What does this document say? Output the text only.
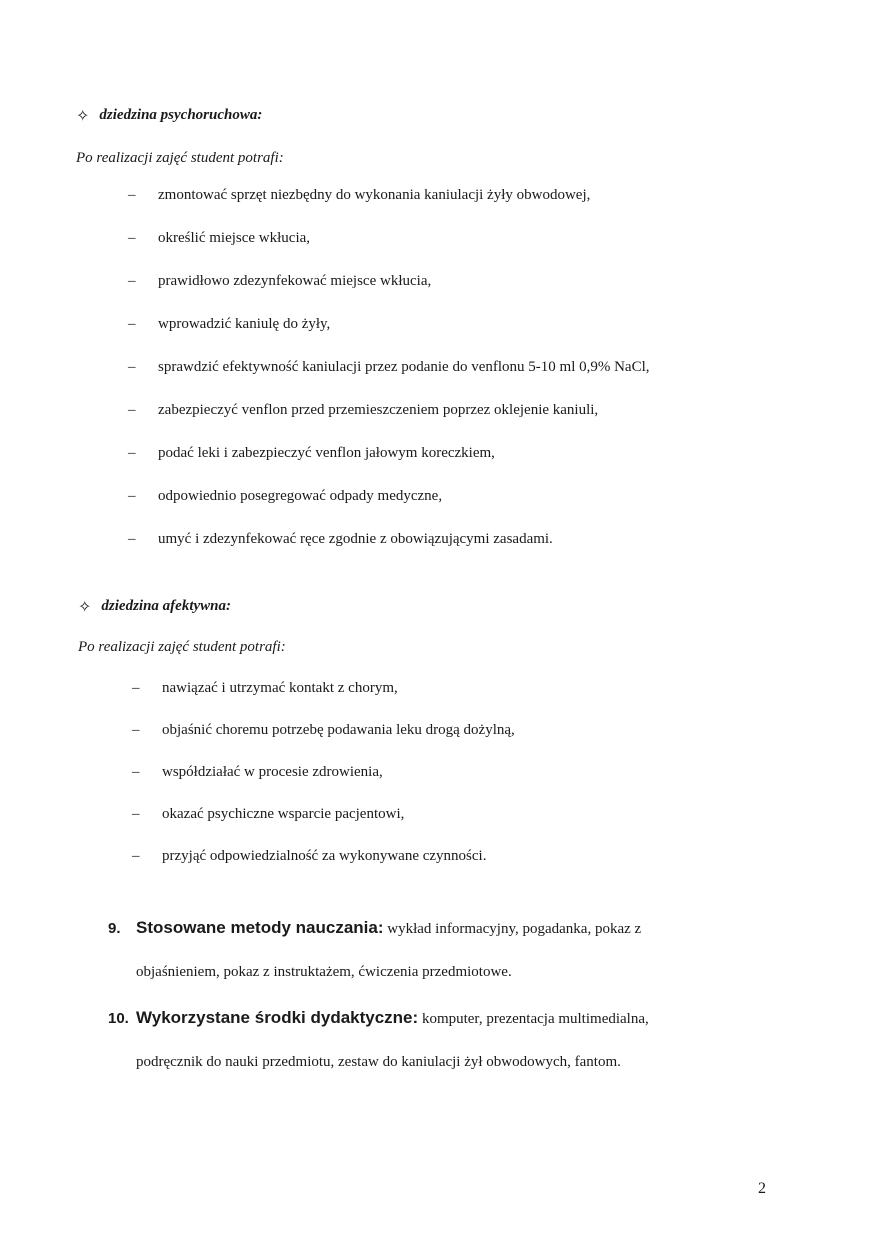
✧ dziedzina psychoruchowa:
Po realizacji zajęć student potrafi:
– zmontować sprzęt niezbędny do wykonania kaniulacji żyły obwodowej,
– określić miejsce wkłucia,
– prawidłowo zdezynfekować miejsce wkłucia,
– wprowadzić kaniulę do żyły,
– sprawdzić efektywność kaniulacji przez podanie do venflonu 5-10 ml 0,9% NaCl,
– zabezpieczyć venflon przed przemieszczeniem poprzez oklejenie kaniuli,
– podać leki i zabezpieczyć venflon jałowym koreczkiem,
– odpowiednio posegregować odpady medyczne,
– umyć i zdezynfekować ręce zgodnie z obowiązującymi zasadami.
✧ dziedzina afektywna:
Po realizacji zajęć student potrafi:
– nawiązać i utrzymać kontakt z chorym,
– objaśnić choremu potrzebę podawania leku drogą dożylną,
– współdziałać w procesie zdrowienia,
– okazać psychiczne wsparcie pacjentowi,
– przyjąć odpowiedzialność za wykonywane czynności.
9. Stosowane metody nauczania: wykład informacyjny, pogadanka, pokaz z
objaśnieniem, pokaz z instruktażem, ćwiczenia przedmiotowe.
10. Wykorzystane środki dydaktyczne: komputer, prezentacja multimedialna,
podręcznik do nauki przedmiotu, zestaw do kaniulacji żył obwodowych, fantom.
2
